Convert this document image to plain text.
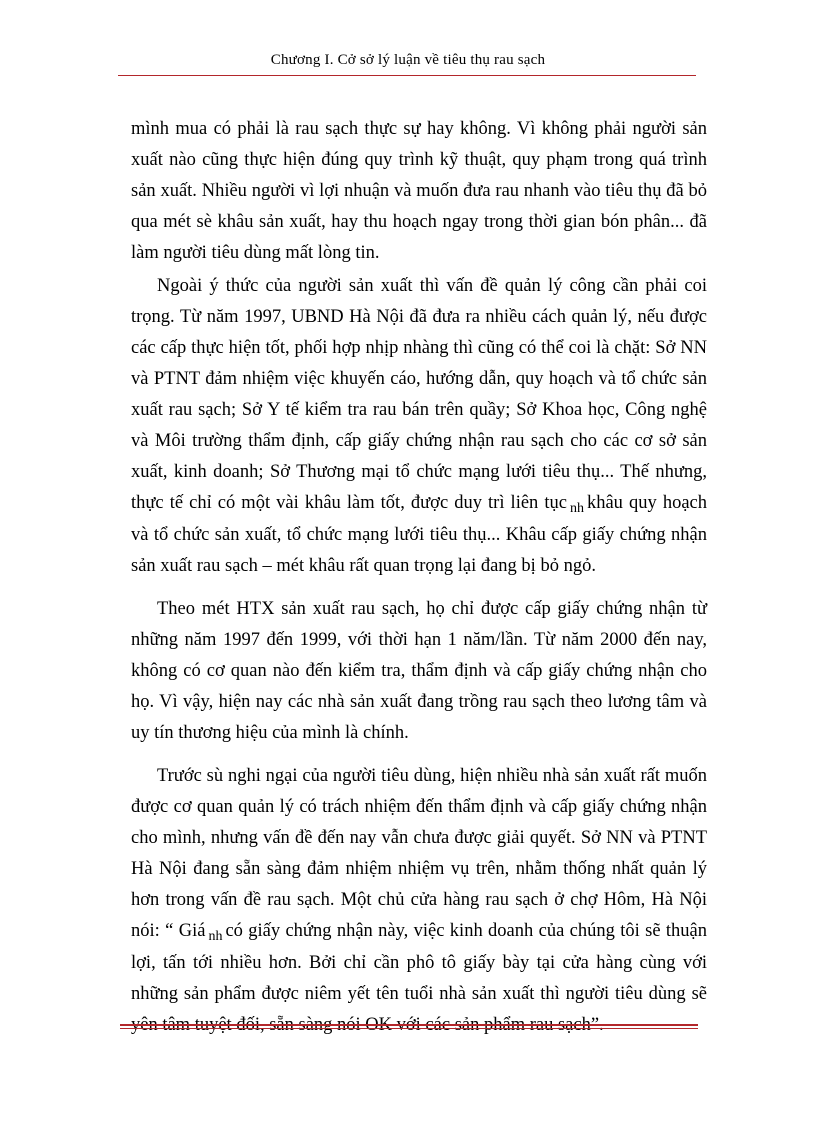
Chương I. Cở sở lý luận về tiêu thụ rau sạch

mình mua có phải là rau sạch thực sự hay không. Vì không phải người sản xuất nào cũng thực hiện đúng quy trình kỹ thuật, quy phạm trong quá trình sản xuất. Nhiều người vì lợi nhuận và muốn đưa rau nhanh vào tiêu thụ đã bỏ qua mét sè khâu sản xuất, hay thu hoạch ngay trong thời gian bón phân... đã làm người tiêu dùng mất lòng tin.

Ngoài ý thức của người sản xuất thì vấn đề quản lý công cần phải coi trọng. Từ năm 1997, UBND Hà Nội đã đưa ra nhiều cách quản lý, nếu được các cấp thực hiện tốt, phối hợp nhịp nhàng thì cũng có thể coi là chặt: Sở NN và PTNT đảm nhiệm việc khuyến cáo, hướng dẫn, quy hoạch và tổ chức sản xuất rau sạch; Sở Y tế kiểm tra rau bán trên quầy; Sở Khoa học, Công nghệ và Môi trường thẩm định, cấp giấy chứng nhận rau sạch cho các cơ sở sản xuất, kinh doanh; Sở Thương mại tổ chức mạng lưới tiêu thụ... Thế nhưng, thực tế chỉ có một vài khâu làm tốt, được duy trì liên tục $_{nh}$ khâu quy hoạch và tổ chức sản xuất, tổ chức mạng lưới tiêu thụ... Khâu cấp giấy chứng nhận sản xuất rau sạch – mét khâu rất quan trọng lại đang bị bỏ ngỏ.

Theo mét HTX sản xuất rau sạch, họ chỉ được cấp giấy chứng nhận từ những năm 1997 đến 1999, với thời hạn 1 năm/lần. Từ năm 2000 đến nay, không có cơ quan nào đến kiểm tra, thẩm định và cấp giấy chứng nhận cho họ. Vì vậy, hiện nay các nhà sản xuất đang trồng rau sạch theo lương tâm và uy tín thương hiệu của mình là chính.

Trước sù nghi ngại của người tiêu dùng, hiện nhiều nhà sản xuất rất muốn được cơ quan quản lý có trách nhiệm đến thẩm định và cấp giấy chứng nhận cho mình, nhưng vấn đề đến nay vẫn chưa được giải quyết. Sở NN và PTNT Hà Nội đang sẵn sàng đảm nhiệm nhiệm vụ trên, nhằm thống nhất quản lý hơn trong vấn đề rau sạch. Một chủ cửa hàng rau sạch ở chợ Hôm, Hà Nội nói: “ Giá $_{nh}$ có giấy chứng nhận này, việc kinh doanh của chúng tôi sẽ thuận lợi, tấn tới nhiều hơn. Bởi chỉ cần phô tô giấy bày tại cửa hàng cùng với những sản phẩm được niêm yết tên tuổi nhà sản xuất thì người tiêu dùng sẽ yên tâm tuyệt đối, sẵn sàng nói OK với các sản phẩm rau sạch”.
